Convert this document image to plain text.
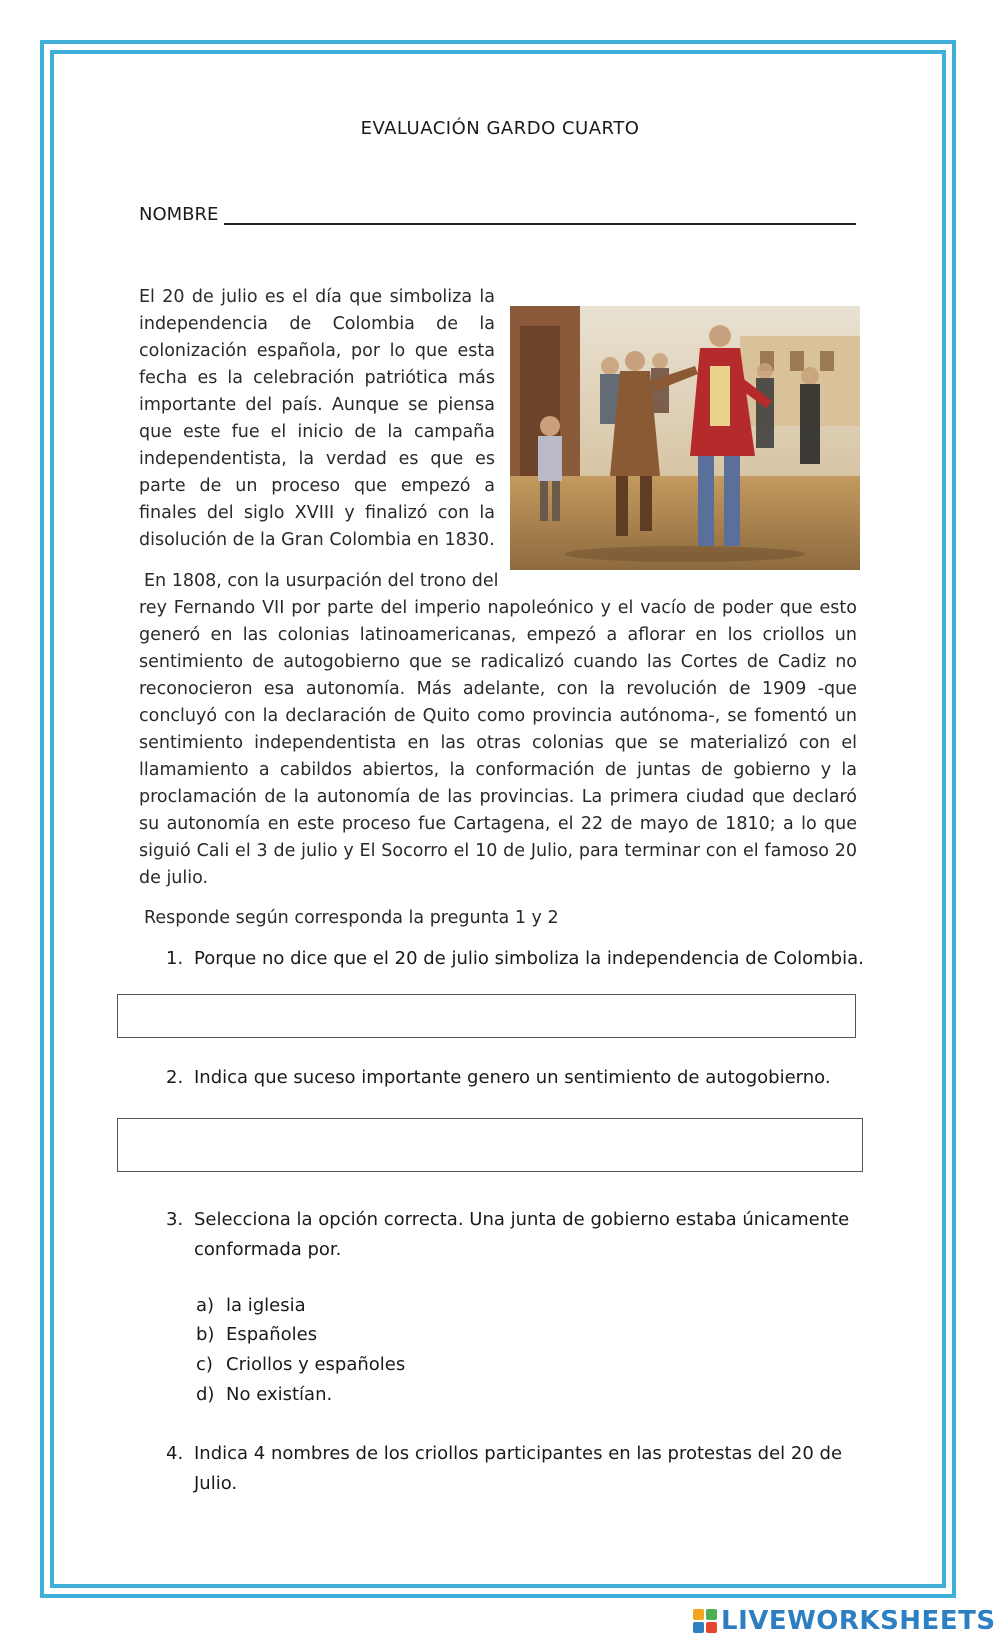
EVALUACIÓN GARDO CUARTO
NOMBRE
El 20 de julio es el día que simboliza la independencia de Colombia de la colonización española, por lo que esta fecha es la celebración patriótica más importante del país. Aunque se piensa que este fue el inicio de la campaña independentista, la verdad es que es parte de un proceso que empezó a finales del siglo XVIII y finalizó con la disolución de la Gran Colombia en 1830.
En 1808, con la usurpación del trono del
rey Fernando VII por parte del imperio napoleónico y el vacío de poder que esto generó en las colonias latinoamericanas, empezó a aflorar en los criollos un sentimiento de autogobierno que se radicalizó cuando las Cortes de Cadiz no reconocieron esa autonomía. Más adelante, con la revolución de 1909 -que concluyó con la declaración de Quito como provincia autónoma-, se fomentó un sentimiento independentista en las otras colonias que se materializó con el llamamiento a cabildos abiertos, la conformación de juntas de gobierno y la proclamación de la autonomía de las provincias. La primera ciudad que declaró su autonomía en este proceso fue Cartagena, el 22 de mayo de 1810; a lo que siguió Cali el 3 de julio y El Socorro el 10 de Julio, para terminar con el famoso 20 de julio.
Responde según corresponda la pregunta 1 y 2
1. Porque no dice que el 20 de julio simboliza la independencia de Colombia.
2. Indica que suceso importante genero un sentimiento de autogobierno.
3. Selecciona la opción correcta. Una junta de gobierno estaba únicamente
conformada por.
a) la iglesia
b) Españoles
c) Criollos y españoles
d) No existían.
4. Indica 4 nombres de los criollos participantes en las protestas del 20 de
Julio.
LIVEWORKSHEETS
